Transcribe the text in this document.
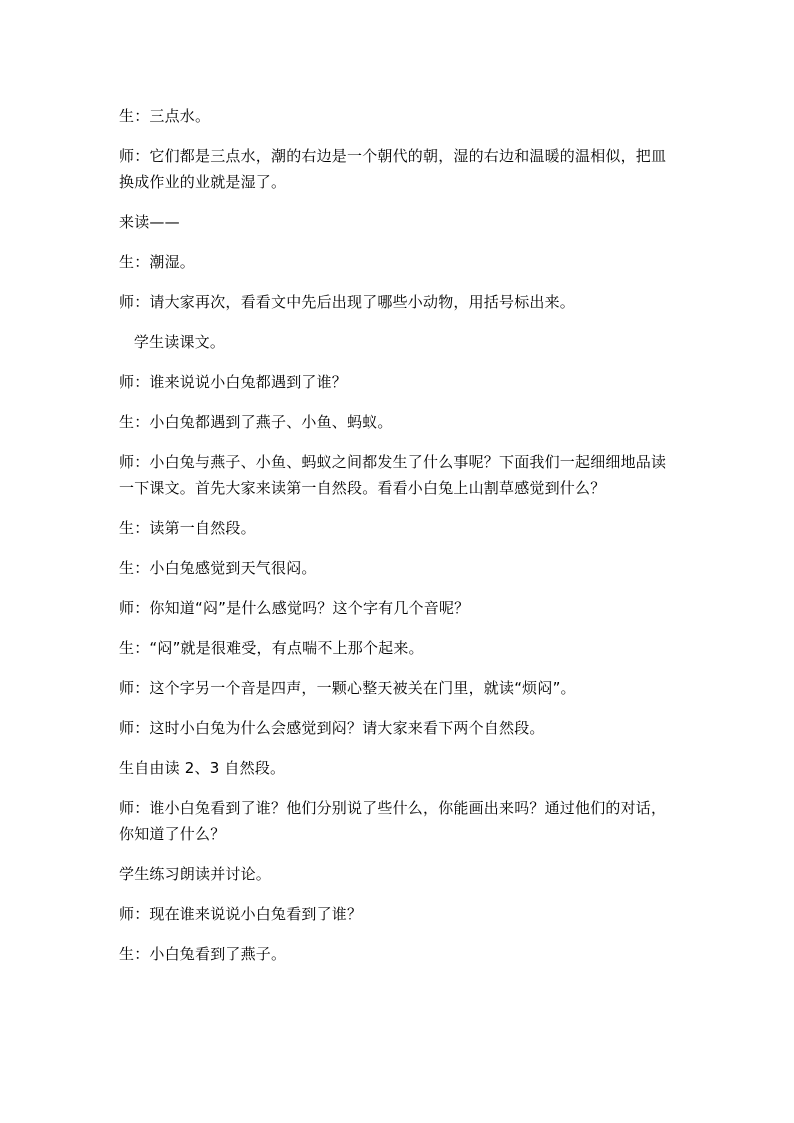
生：三点水。

师：它们都是三点水，潮的右边是一个朝代的朝，湿的右边和温暖的温相似，把皿换成作业的业就是湿了。

来读——

生：潮湿。

师：请大家再次，看看文中先后出现了哪些小动物，用括号标出来。

学生读课文。

师：谁来说说小白兔都遇到了谁？

生：小白兔都遇到了燕子、小鱼、蚂蚁。

师：小白兔与燕子、小鱼、蚂蚁之间都发生了什么事呢？下面我们一起细细地品读一下课文。首先大家来读第一自然段。看看小白兔上山割草感觉到什么？

生：读第一自然段。

生：小白兔感觉到天气很闷。

师：你知道“闷”是什么感觉吗？这个字有几个音呢？

生：“闷”就是很难受，有点喘不上那个起来。

师：这个字另一个音是四声，一颗心整天被关在门里，就读“烦闷”。

师：这时小白兔为什么会感觉到闷？请大家来看下两个自然段。

生自由读 2、3 自然段。

师：谁小白兔看到了谁？他们分别说了些什么，你能画出来吗？通过他们的对话，你知道了什么？

学生练习朗读并讨论。

师：现在谁来说说小白兔看到了谁？

生：小白兔看到了燕子。
